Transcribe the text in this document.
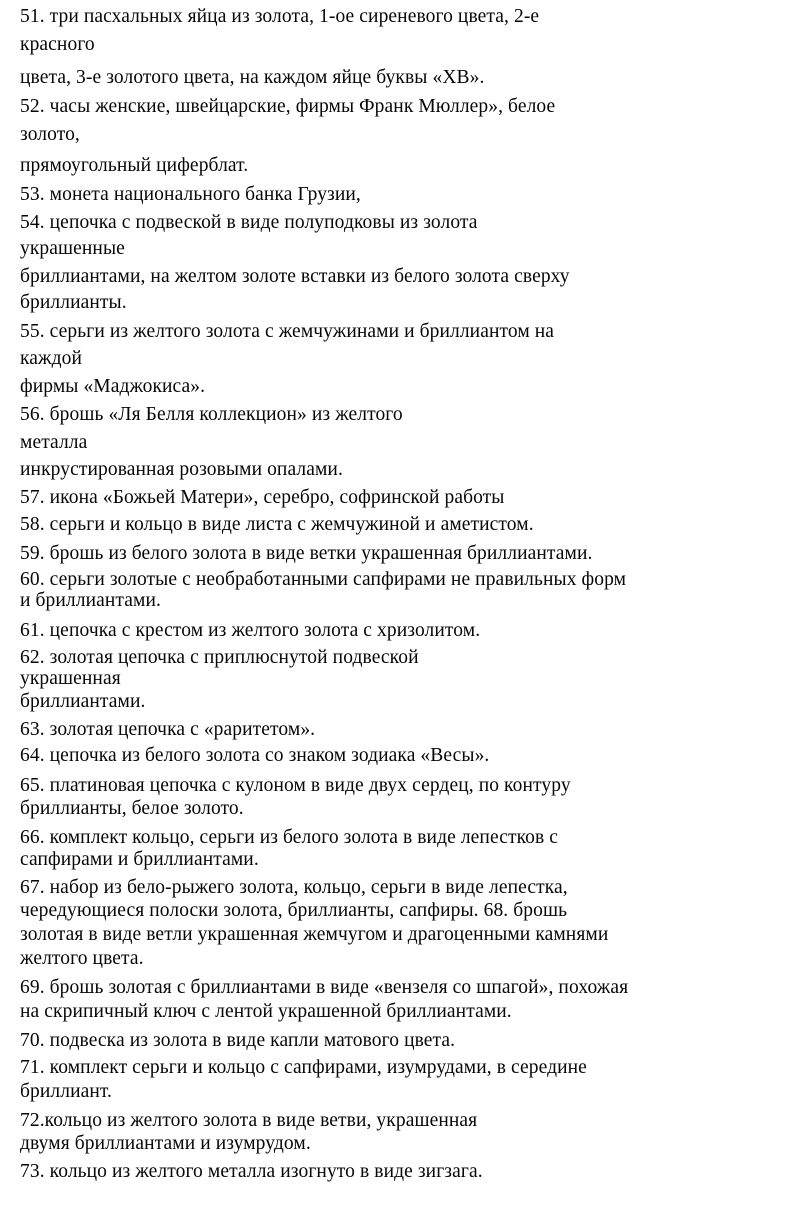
51. три пасхальных яйца из золота, 1-ое сиреневого цвета, 2-е
красного
цвета, 3-е золотого цвета, на каждом яйце буквы «ХВ».
52. часы женские, швейцарские, фирмы Франк Мюллер», белое
золото,
прямоугольный циферблат.
53. монета национального банка Грузии,
54. цепочка с подвеской в виде полуподковы из золота
украшенные
бриллиантами, на желтом золоте вставки из белого золота сверху
бриллианты.
55. серьги из желтого золота с жемчужинами и бриллиантом на
каждой
фирмы «Маджокиса».
56. брошь «Ля Белля коллекцион» из желтого
металла
инкрустированная розовыми опалами.
57. икона «Божьей Матери», серебро, софринской работы
58. серьги и кольцо в виде листа с жемчужиной и аметистом.
59. брошь из белого золота в виде ветки украшенная бриллиантами.
60. серьги золотые с необработанными сапфирами не правильных форм
и бриллиантами.
61. цепочка с крестом из желтого золота с хризолитом.
62. золотая цепочка с приплюснутой подвеской
украшенная
бриллиантами.
63. золотая цепочка с «раритетом».
64. цепочка из белого золота со знаком зодиака «Весы».
65. платиновая цепочка с кулоном в виде двух сердец, по контуру
бриллианты, белое золото.
66. комплект кольцо, серьги из белого золота в виде лепестков с
сапфирами и бриллиантами.
67. набор из бело-рыжего золота, кольцо, серьги в виде лепестка,
чередующиеся полоски золота, бриллианты, сапфиры. 68. брошь
золотая в виде ветли украшенная жемчугом и драгоценными камнями
желтого цвета.
69. брошь золотая с бриллиантами в виде «вензеля со шпагой», похожая
на скрипичный ключ с лентой украшенной бриллиантами.
70. подвеска из золота в виде капли матового цвета.
71. комплект серьги и кольцо с сапфирами, изумрудами, в середине
бриллиант.
72.кольцо из желтого золота в виде ветви, украшенная
двумя бриллиантами и изумрудом.
73. кольцо из желтого металла изогнуто в виде зигзага.
